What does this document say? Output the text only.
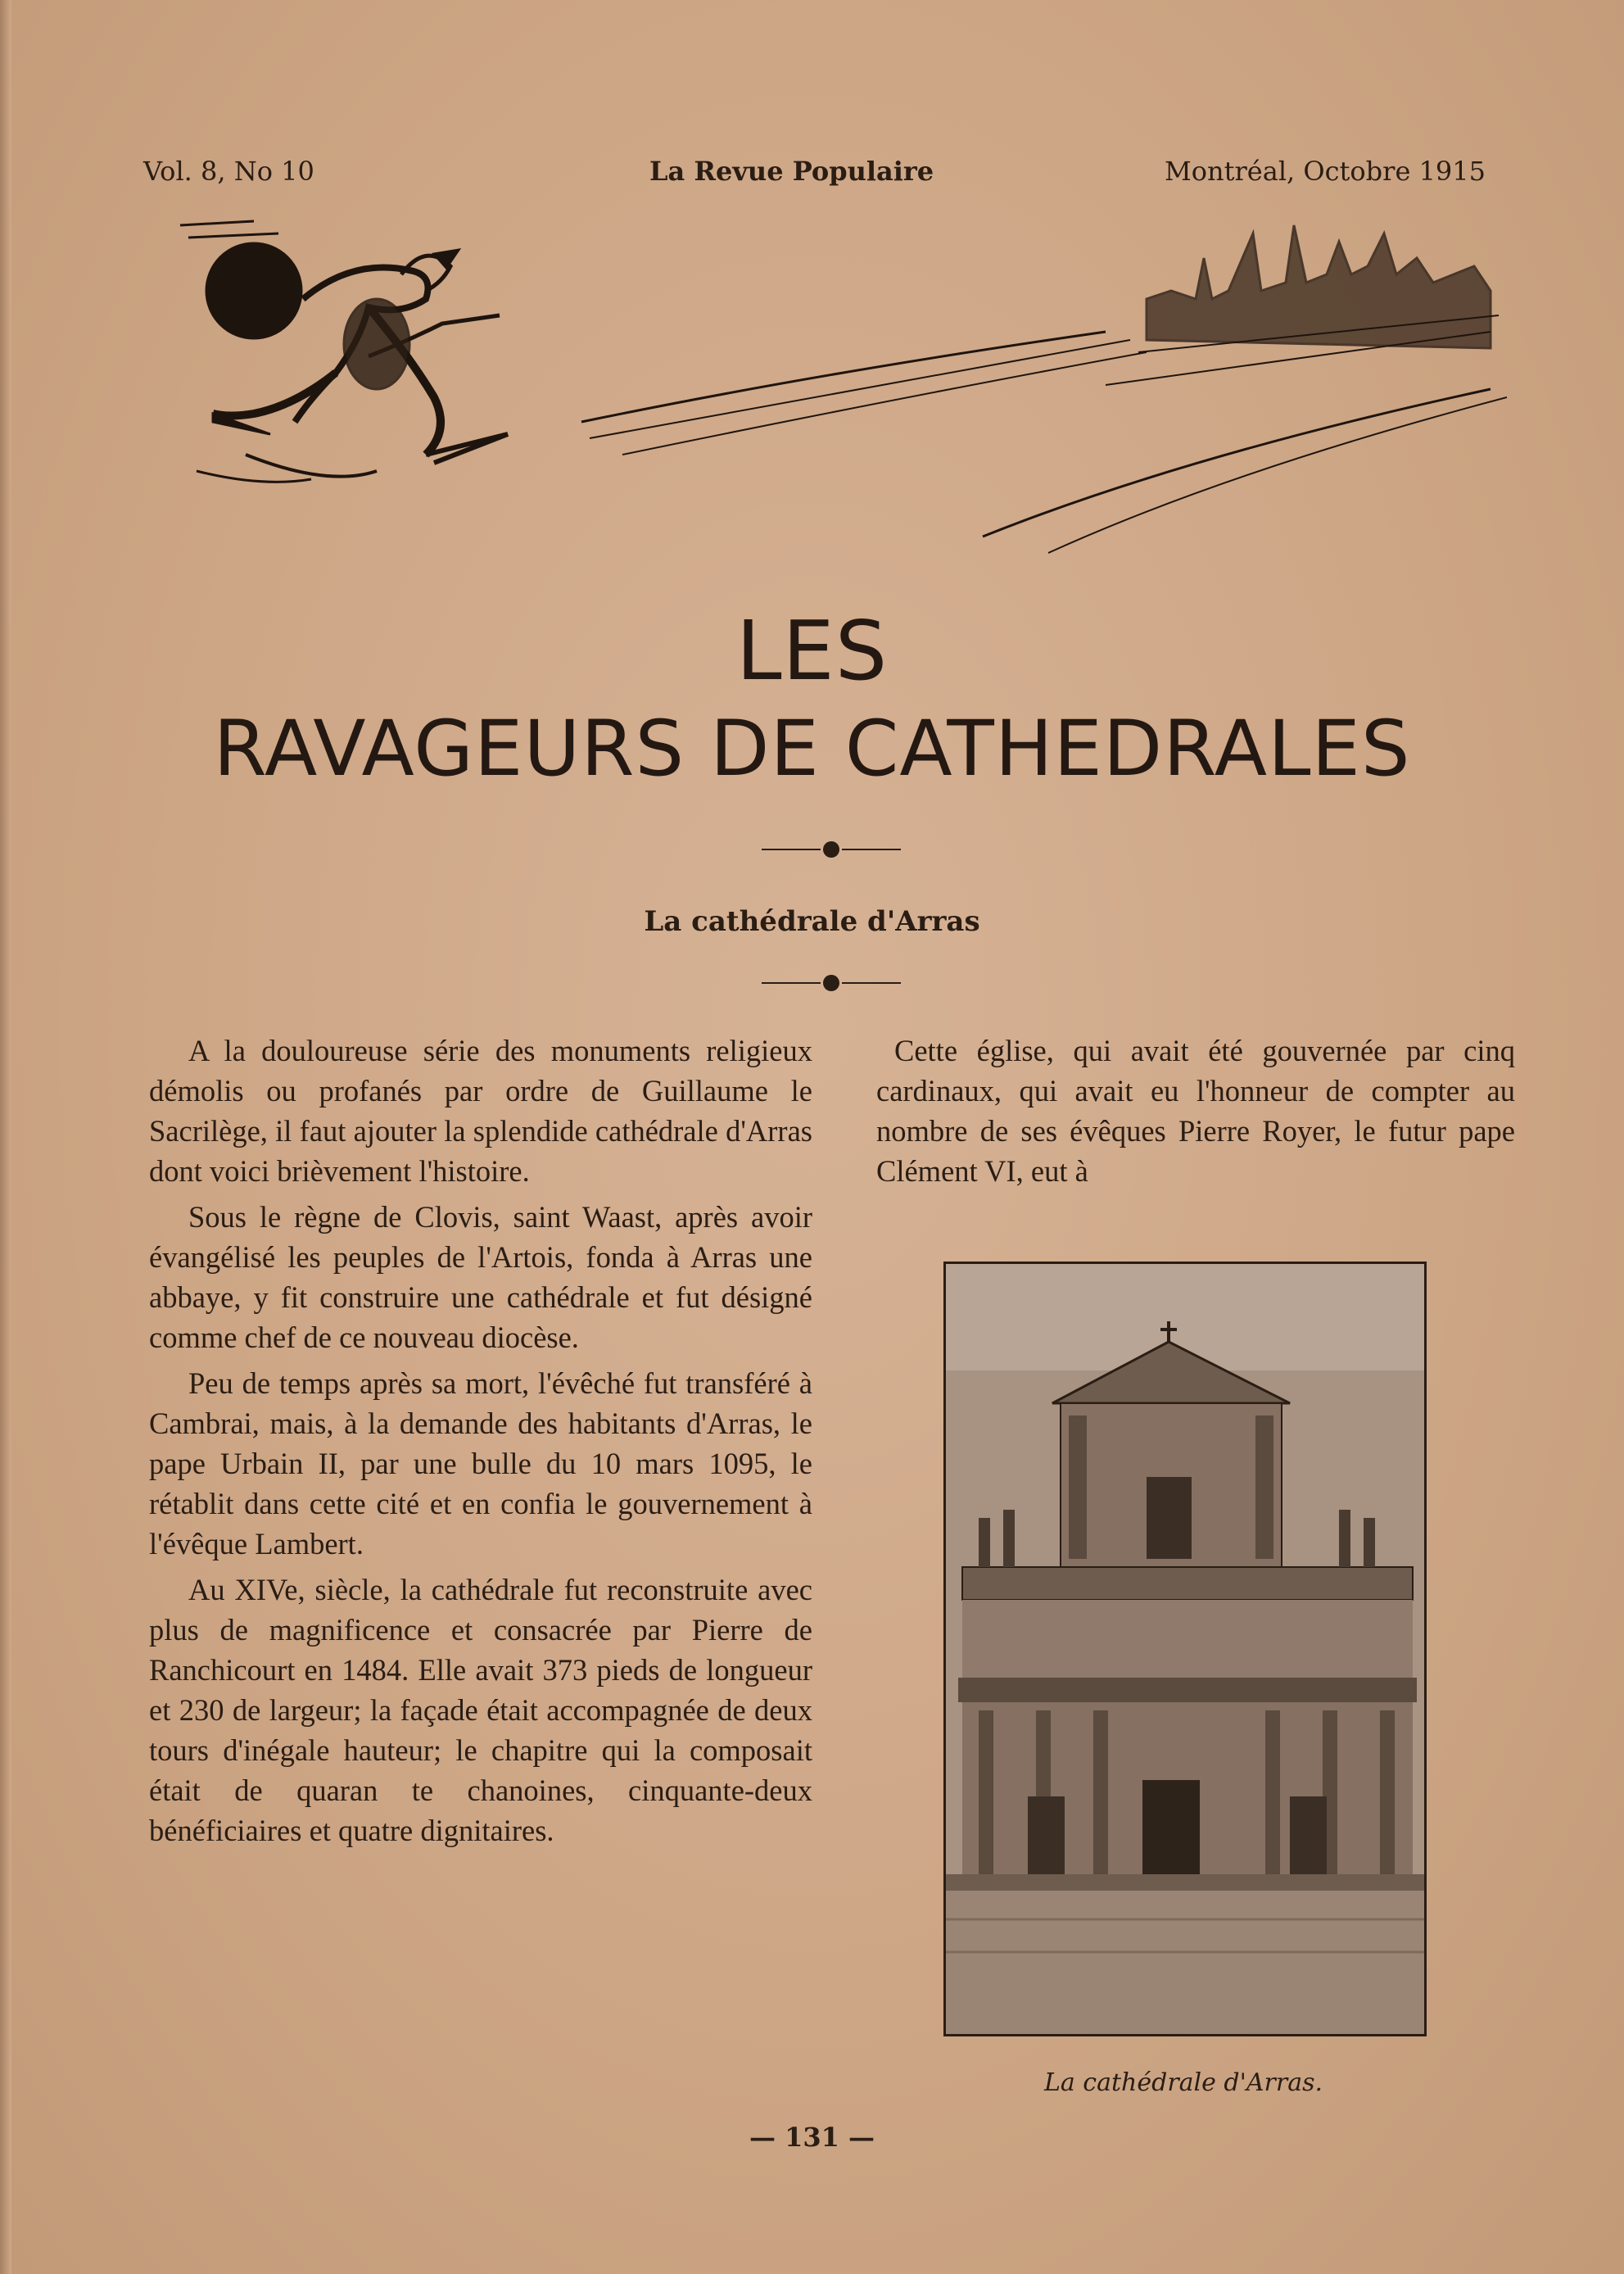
Vol. 8, No 10	La Revue Populaire	Montréal, Octobre 1915
LES
RAVAGEURS DE CATHEDRALES
La cathédrale d'Arras

A la douloureuse série des monuments religieux démolis ou profanés par ordre de Guillaume le Sacrilège, il faut ajouter la splendide cathédrale d'Arras dont voici brièvement l'histoire.

Sous le règne de Clovis, saint Waast, après avoir évangélisé les peuples de l'Artois, fonda à Arras une abbaye, y fit construire une cathédrale et fut désigné comme chef de ce nouveau diocèse.

Peu de temps après sa mort, l'évêché fut transféré à Cambrai, mais, à la demande des habitants d'Arras, le pape Urbain II, par une bulle du 10 mars 1095, le rétablit dans cette cité et en confia le gouvernement à l'évêque Lambert.

Au XIVe, siècle, la cathédrale fut reconstruite avec plus de magnificence et consacrée par Pierre de Ranchicourt en 1484. Elle avait 373 pieds de longueur et 230 de largeur; la façade était accompagnée de deux tours d'inégale hauteur; le chapitre qui la composait était de quaran te chanoines, cinquante-deux bénéficiaires et quatre dignitaires.

Cette église, qui avait été gouvernée par cinq cardinaux, qui avait eu l'honneur de compter au nombre de ses évêques Pierre Royer, le futur pape Clément VI, eut à

La cathédrale d'Arras.
— 131 —
